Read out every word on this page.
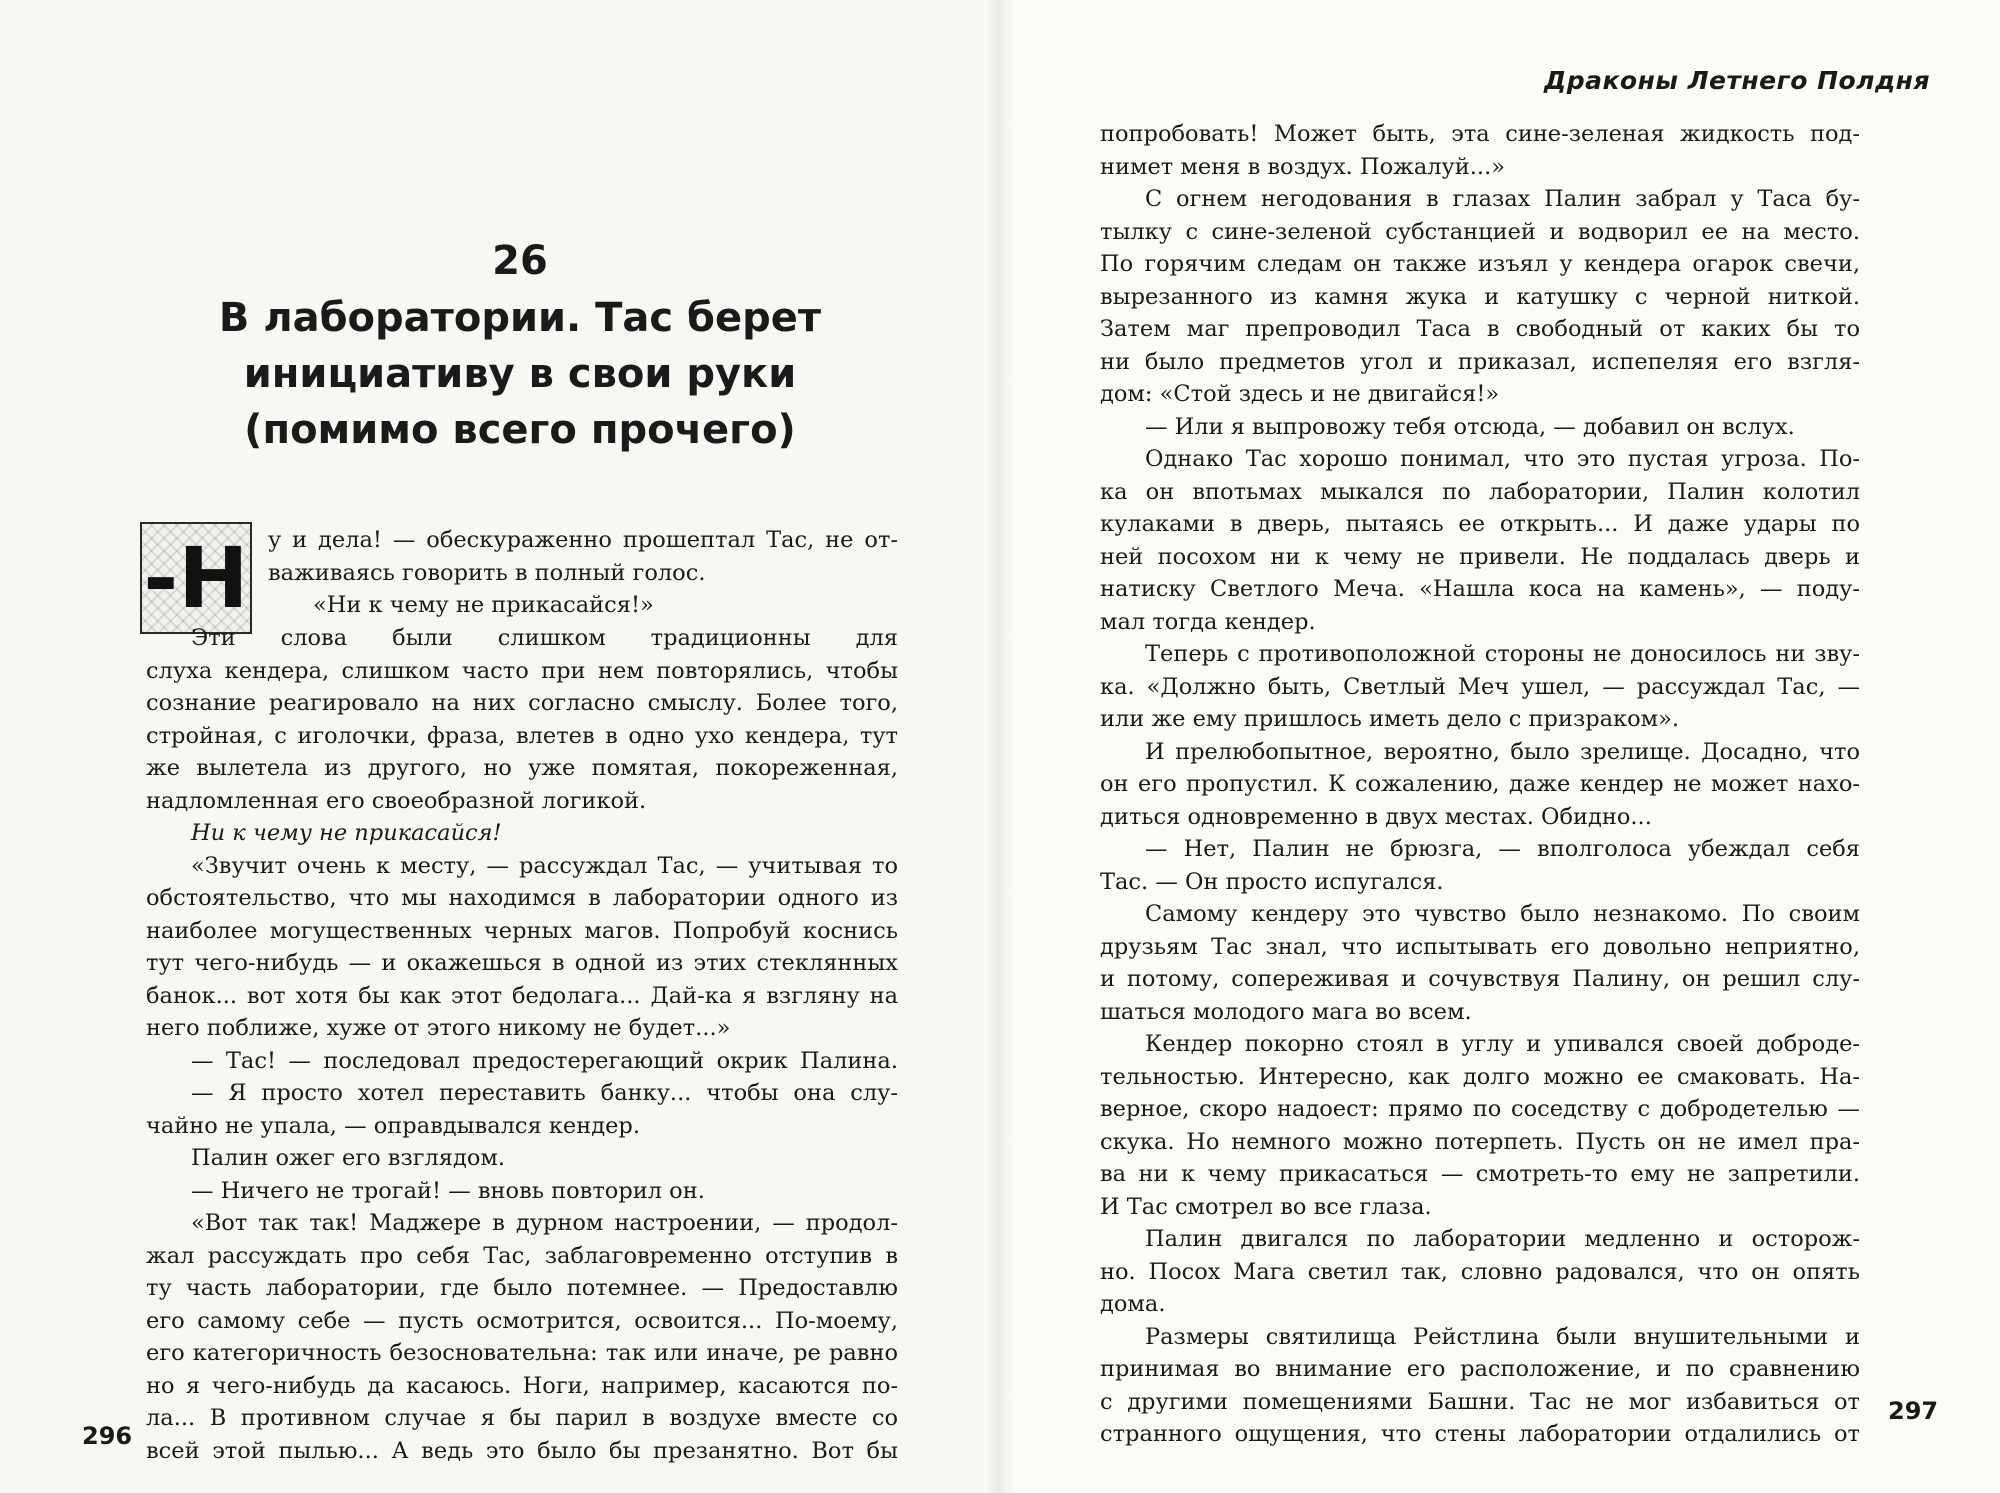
Драконы Летнего Полдня
26
В лаборатории. Тас берет
инициативу в свои руки
(помимо всего прочего)
-Н у и дела! — обескураженно прошептал Тас, не от-
важиваясь говорить в полный голос.
«Ни к чему не прикасайся!»
Эти слова были слишком традиционны для
слуха кендера, слишком часто при нем повторялись, чтобы
сознание реагировало на них согласно смыслу. Более того,
стройная, с иголочки, фраза, влетев в одно ухо кендера, тут
же вылетела из другого, но уже помятая, покореженная,
надломленная его своеобразной логикой.
Ни к чему не прикасайся!
«Звучит очень к месту, — рассуждал Тас, — учитывая то
обстоятельство, что мы находимся в лаборатории одного из
наиболее могущественных черных магов. Попробуй коснись
тут чего-нибудь — и окажешься в одной из этих стеклянных
банок... вот хотя бы как этот бедолага... Дай-ка я взгляну на
него поближе, хуже от этого никому не будет...»
— Тас! — последовал предостерегающий окрик Палина.
— Я просто хотел переставить банку... чтобы она слу-
чайно не упала, — оправдывался кендер.
Палин ожег его взглядом.
— Ничего не трогай! — вновь повторил он.
«Вот так так! Маджере в дурном настроении, — продол-
жал рассуждать про себя Тас, заблаговременно отступив в
ту часть лаборатории, где было потемнее. — Предоставлю
его самому себе — пусть осмотрится, освоится... По-моему,
его категоричность безосновательна: так или иначе, pe равно
но я чего-нибудь да касаюсь. Ноги, например, касаются по-
ла... В противном случае я бы парил в воздухе вместе со
всей этой пылью... А ведь это было бы презанятно. Вот бы
попробовать! Может быть, эта сине-зеленая жидкость под-
нимет меня в воздух. Пожалуй...»
С огнем негодования в глазах Палин забрал у Таса бу-
тылку с сине-зеленой субстанцией и водворил ее на место.
По горячим следам он также изъял у кендера огарок свечи,
вырезанного из камня жука и катушку с черной ниткой.
Затем маг препроводил Таса в свободный от каких бы то
ни было предметов угол и приказал, испепеляя его взгля-
дом: «Стой здесь и не двигайся!»
— Или я выпровожу тебя отсюда, — добавил он вслух.
Однако Тас хорошо понимал, что это пустая угроза. По-
ка он впотьмах мыкался по лаборатории, Палин колотил
кулаками в дверь, пытаясь ее открыть... И даже удары по
ней посохом ни к чему не привели. Не поддалась дверь и
натиску Светлого Меча. «Нашла коса на камень», — поду-
мал тогда кендер.
Теперь с противоположной стороны не доносилось ни зву-
ка. «Должно быть, Светлый Меч ушел, — рассуждал Тас, —
или же ему пришлось иметь дело с призраком».
И прелюбопытное, вероятно, было зрелище. Досадно, что
он его пропустил. К сожалению, даже кендер не может нахо-
диться одновременно в двух местах. Обидно...
— Нет, Палин не брюзга, — вполголоса убеждал себя
Тас. — Он просто испугался.
Самому кендеру это чувство было незнакомо. По своим
друзьям Тас знал, что испытывать его довольно неприятно,
и потому, сопереживая и сочувствуя Палину, он решил слу-
шаться молодого мага во всем.
Кендер покорно стоял в углу и упивался своей доброде-
тельностью. Интересно, как долго можно ее смаковать. На-
верное, скоро надоест: прямо по соседству с добродетелью —
скука. Но немного можно потерпеть. Пусть он не имел пра-
ва ни к чему прикасаться — смотреть-то ему не запретили.
И Тас смотрел во все глаза.
Палин двигался по лаборатории медленно и осторож-
но. Посох Мага светил так, словно радовался, что он опять
дома.
Размеры святилища Рейстлина были внушительными и
принимая во внимание его расположение, и по сравнению
с другими помещениями Башни. Тас не мог избавиться от
странного ощущения, что стены лаборатории отдалились от
296
297
